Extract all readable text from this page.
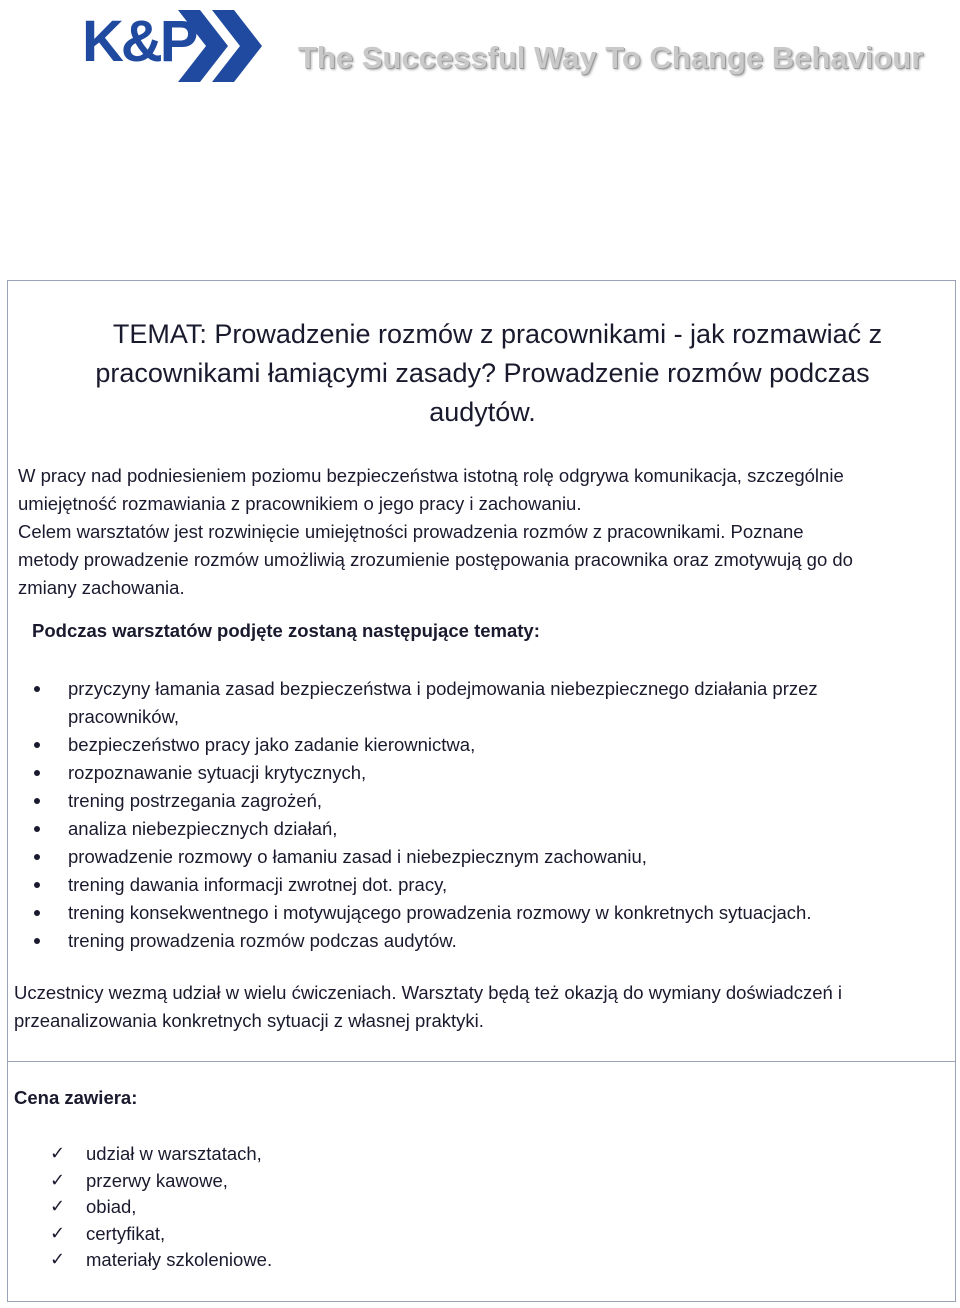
K&P	The Successful Way To Change Behaviour
TEMAT: Prowadzenie rozmów z pracownikami - jak rozmawiać z
pracownikami łamiącymi zasady? Prowadzenie rozmów podczas
audytów.
W pracy nad podniesieniem poziomu bezpieczeństwa istotną rolę odgrywa komunikacja, szczególnie
umiejętność rozmawiania z pracownikiem o jego pracy i zachowaniu.
Celem warsztatów jest rozwinięcie umiejętności prowadzenia rozmów z pracownikami. Poznane
metody prowadzenie rozmów umożliwią zrozumienie postępowania pracownika oraz zmotywują go do
zmiany zachowania.
Podczas warsztatów podjęte zostaną następujące tematy:
przyczyny łamania zasad bezpieczeństwa i podejmowania niebezpiecznego działania przez pracowników,
bezpieczeństwo pracy jako zadanie kierownictwa,
rozpoznawanie sytuacji krytycznych,
trening postrzegania zagrożeń,
analiza niebezpiecznych działań,
prowadzenie rozmowy o łamaniu zasad i niebezpiecznym zachowaniu,
trening dawania informacji zwrotnej dot. pracy,
trening konsekwentnego i motywującego prowadzenia rozmowy w konkretnych sytuacjach.
trening prowadzenia rozmów podczas audytów.
Uczestnicy wezmą udział w wielu ćwiczeniach. Warsztaty będą też okazją do wymiany doświadczeń i przeanalizowania konkretnych sytuacji z własnej praktyki.
Cena zawiera:
✓ udział w warsztatach,
✓ przerwy kawowe,
✓ obiad,
✓ certyfikat,
✓ materiały szkoleniowe.
